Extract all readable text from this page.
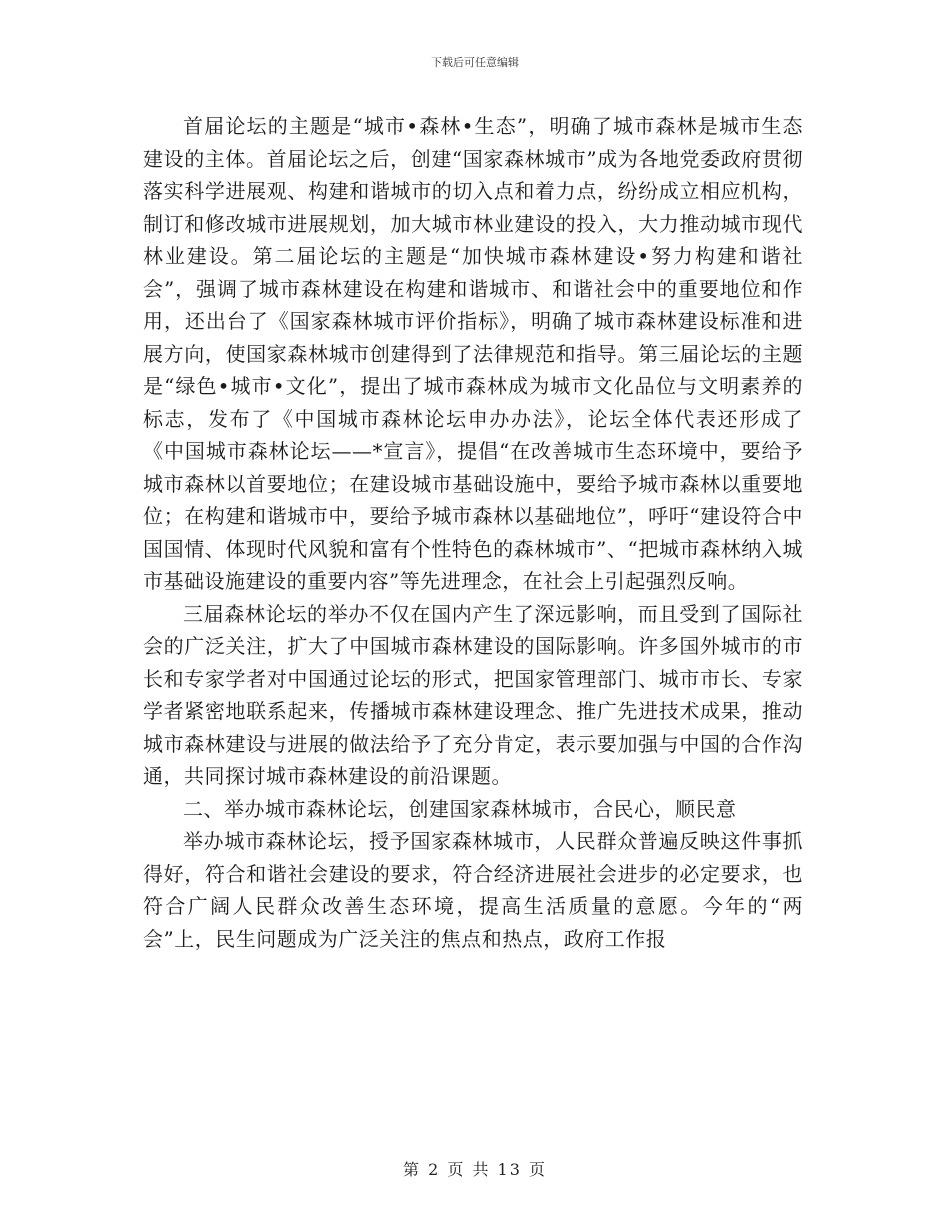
下载后可任意编辑

首届论坛的主题是“城市•森林•生态”，明确了城市森林是城市生态建设的主体。首届论坛之后，创建“国家森林城市”成为各地党委政府贯彻落实科学进展观、构建和谐城市的切入点和着力点，纷纷成立相应机构，制订和修改城市进展规划，加大城市林业建设的投入，大力推动城市现代林业建设。第二届论坛的主题是“加快城市森林建设•努力构建和谐社会”，强调了城市森林建设在构建和谐城市、和谐社会中的重要地位和作用，还出台了《国家森林城市评价指标》，明确了城市森林建设标准和进展方向，使国家森林城市创建得到了法律规范和指导。第三届论坛的主题是“绿色•城市•文化”，提出了城市森林成为城市文化品位与文明素养的标志，发布了《中国城市森林论坛申办办法》，论坛全体代表还形成了《中国城市森林论坛——*宣言》，提倡“在改善城市生态环境中，要给予城市森林以首要地位；在建设城市基础设施中，要给予城市森林以重要地位；在构建和谐城市中，要给予城市森林以基础地位”，呼吁“建设符合中国国情、体现时代风貌和富有个性特色的森林城市”、“把城市森林纳入城市基础设施建设的重要内容”等先进理念，在社会上引起强烈反响。

三届森林论坛的举办不仅在国内产生了深远影响，而且受到了国际社会的广泛关注，扩大了中国城市森林建设的国际影响。许多国外城市的市长和专家学者对中国通过论坛的形式，把国家管理部门、城市市长、专家学者紧密地联系起来，传播城市森林建设理念、推广先进技术成果，推动城市森林建设与进展的做法给予了充分肯定，表示要加强与中国的合作沟通，共同探讨城市森林建设的前沿课题。

二、举办城市森林论坛，创建国家森林城市，合民心，顺民意

举办城市森林论坛，授予国家森林城市，人民群众普遍反映这件事抓得好，符合和谐社会建设的要求，符合经济进展社会进步的必定要求，也符合广阔人民群众改善生态环境，提高生活质量的意愿。今年的“两会”上，民生问题成为广泛关注的焦点和热点，政府工作报

第 2 页 共 13 页
